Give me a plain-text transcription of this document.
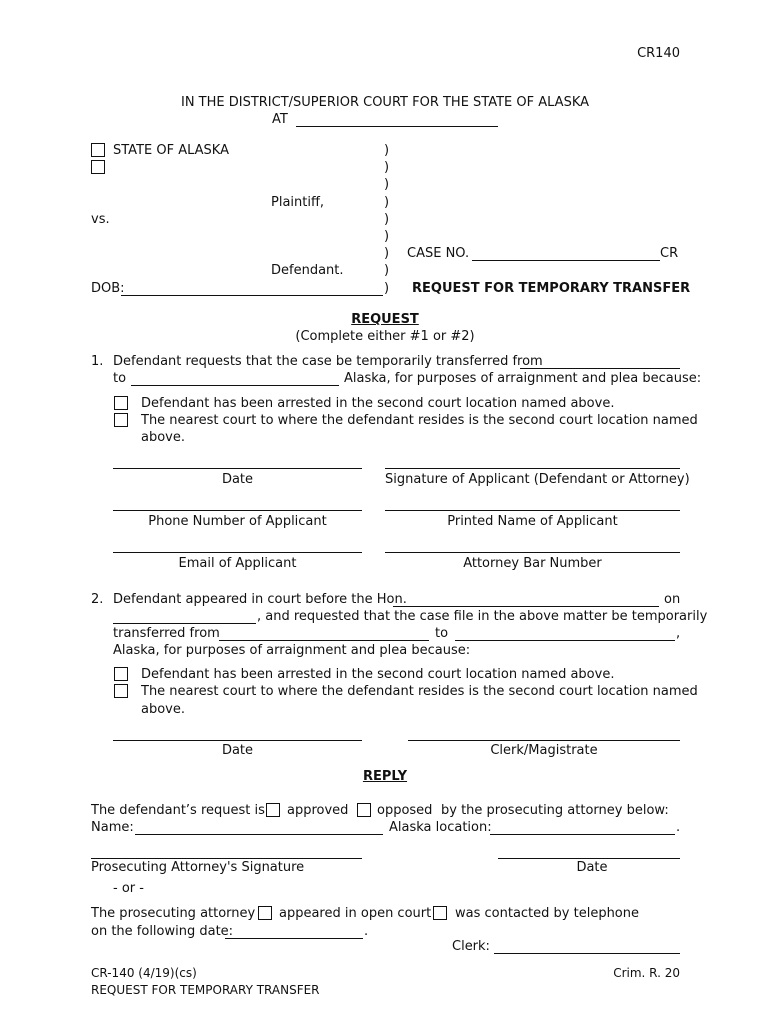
CR140
IN THE DISTRICT/SUPERIOR COURT FOR THE STATE OF ALASKA
AT
STATE OF ALASKA
Plaintiff,
vs.
Defendant.
DOB:
)
)
)
)
)
)
)
)
)
CASE NO.	CR
REQUEST FOR TEMPORARY TRANSFER
REQUEST
(Complete either #1 or #2)
1. Defendant requests that the case be temporarily transferred from
to	Alaska, for purposes of arraignment and plea because:
Defendant has been arrested in the second court location named above.
The nearest court to where the defendant resides is the second court location named
above.
Date	Signature of Applicant (Defendant or Attorney)
Phone Number of Applicant	Printed Name of Applicant
Email of Applicant	Attorney Bar Number
2. Defendant appeared in court before the Hon.	on
, and requested that the case file in the above matter be temporarily
transferred from	to	,
Alaska, for purposes of arraignment and plea because:
Defendant has been arrested in the second court location named above.
The nearest court to where the defendant resides is the second court location named
above.
Date	Clerk/Magistrate
REPLY
The defendant’s request is approved opposed by the prosecuting attorney below:
Name:	Alaska location:	.
Prosecuting Attorney's Signature	Date
- or -
The prosecuting attorney appeared in open court was contacted by telephone
on the following date:	.
Clerk:
CR-140 (4/19)(cs)
REQUEST FOR TEMPORARY TRANSFER
Crim. R. 20
